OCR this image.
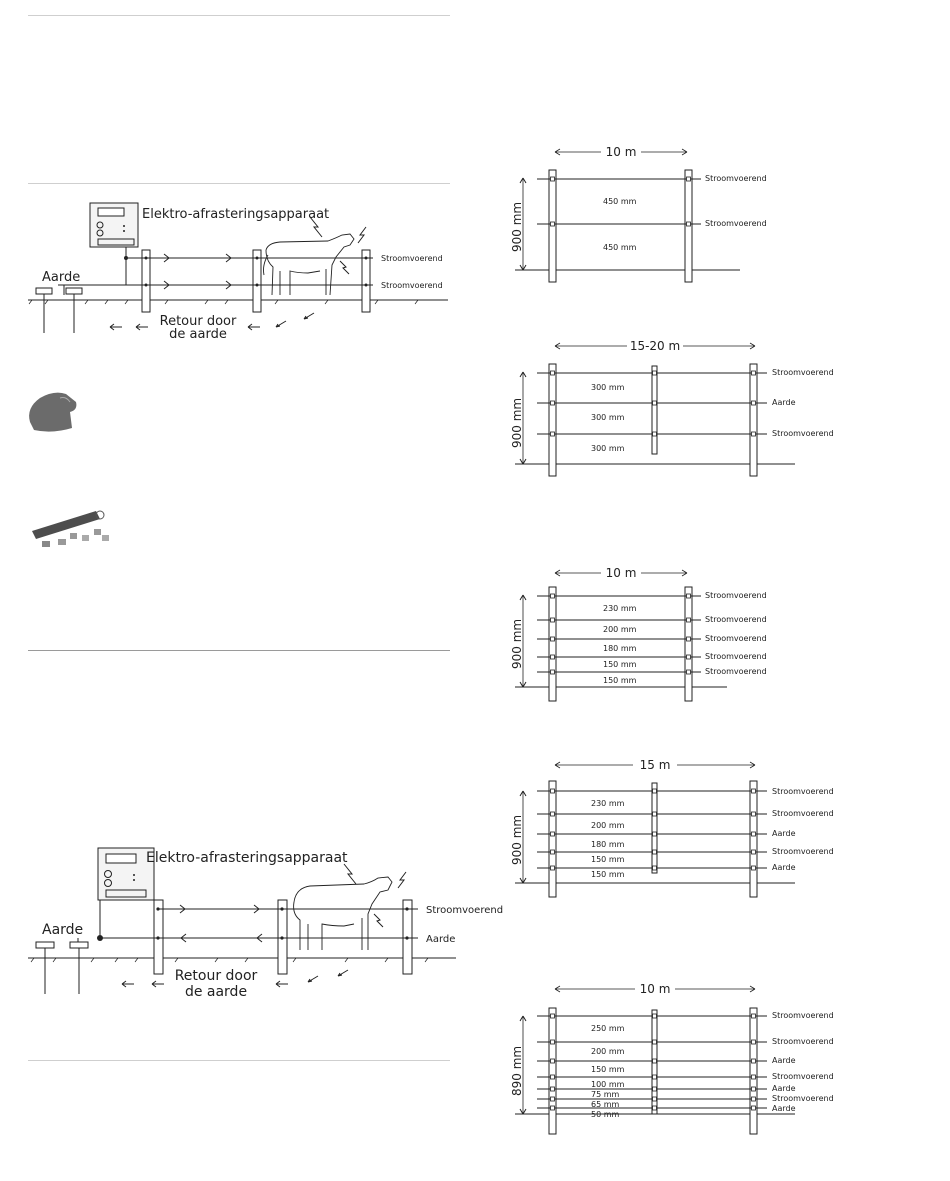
Elektro-afrasteringsapparaat
Aarde
Stroomvoerend
Stroomvoerend
Retour door
de aarde
Elektro-afrasteringsapparaat
Aarde
Stroomvoerend
Aarde
Retour door
de aarde
10 m
900 mm
450 mm
450 mm
Stroomvoerend
Stroomvoerend
15-20 m
900 mm
300 mm
300 mm
300 mm
Stroomvoerend
Aarde
Stroomvoerend
10 m
900 mm
230 mm
200 mm
180 mm
150 mm
150 mm
Stroomvoerend
Stroomvoerend
Stroomvoerend
Stroomvoerend
Stroomvoerend
15 m
900 mm
230 mm
200 mm
180 mm
150 mm
150 mm
Stroomvoerend
Stroomvoerend
Aarde
Stroomvoerend
Aarde
10 m
890 mm
250 mm
200 mm
150 mm
100 mm
75 mm
65 mm
50 mm
Stroomvoerend
Stroomvoerend
Aarde
Stroomvoerend
Aarde
Stroomvoerend
Aarde
